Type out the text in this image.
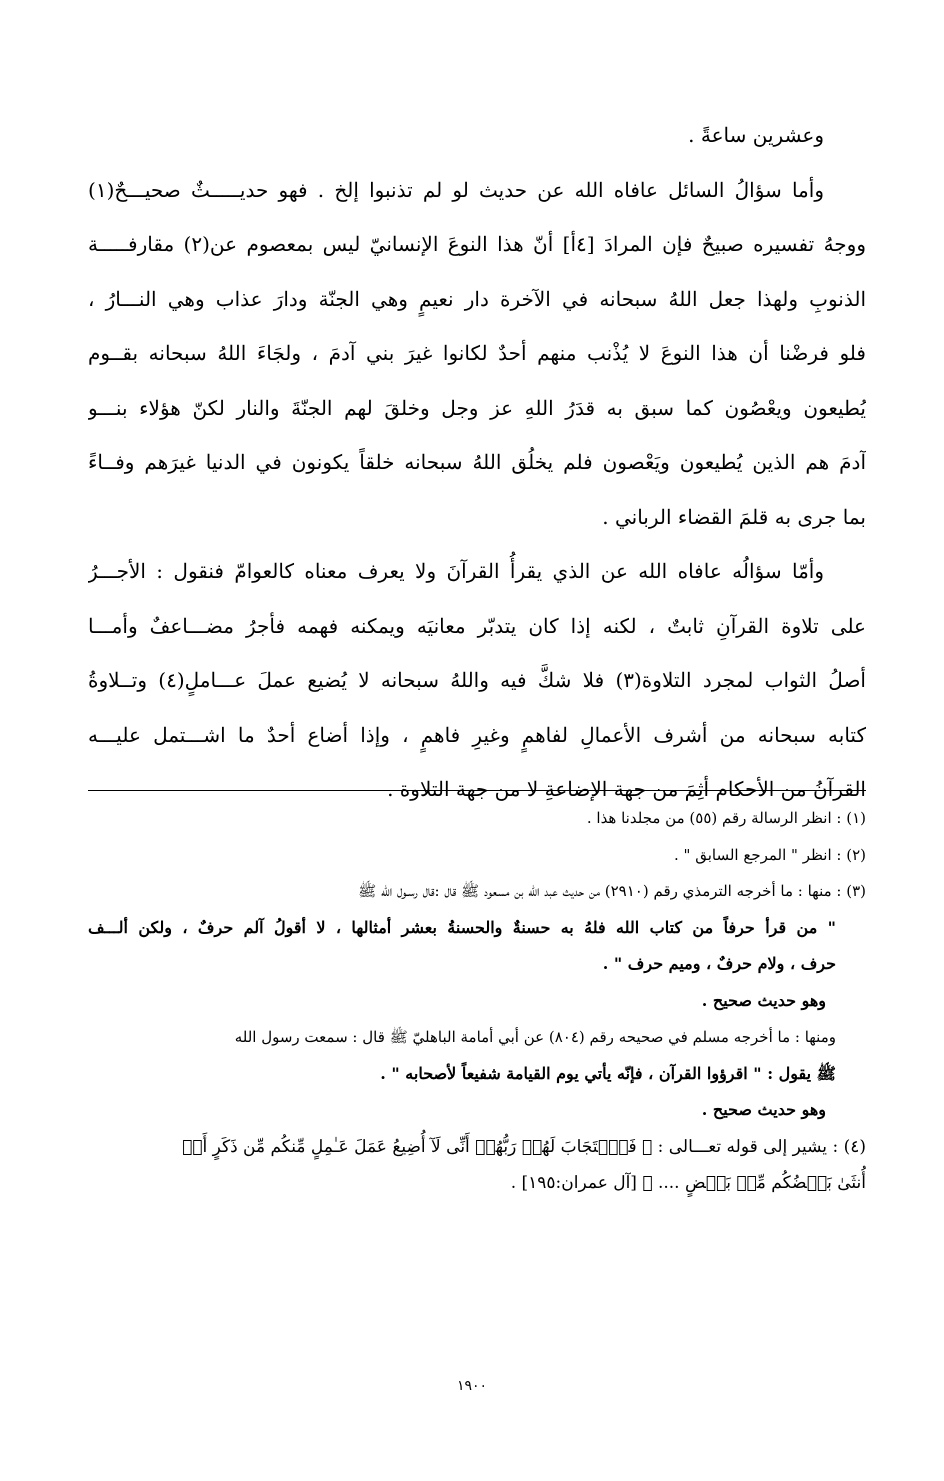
وعشرين ساعةً .
وأما سؤالُ السائل عافاه الله عن حديث لو لم تذنبوا إلخ . فهو حديـــــثٌ صحيـــحٌ(١)
ووجهُ تفسيره صبيحٌ فإن المرادَ [٤أ] أنّ هذا النوعَ الإنسانيّ ليس بمعصوم عن(٢) مقارفـــــة
الذنوبِ ولهذا جعل اللهُ سبحانه في الآخرة دار نعيمٍ وهي الجنّة ودارَ عذاب وهي النـــارُ ،
فلو فرضْنا أن هذا النوعَ لا يُذْنب منهم أحدٌ لكانوا غيرَ بني آدمَ ، ولجَاءَ اللهُ سبحانه بقــوم
يُطيعون ويعْصُون كما سبق به قدَرُ اللهِ عز وجل وخلقَ لهم الجنّةَ والنار لكنّ هؤلاء بنـــو
آدمَ هم الذين يُطيعون ويَعْصون فلم يخلُق اللهُ سبحانه خلقاً يكونون في الدنيا غيرَهم وفــاءً
بما جرى به قلمَ القضاء الرباني .
وأمّا سؤالُه عافاه الله عن الذي يقرأُ القرآنَ ولا يعرف معناه كالعوامّ فنقول : الأجـــرُ
على تلاوة القرآنِ ثابتٌ ، لكنه إذا كان يتدبّر معانيَه ويمكنه فهمه فأجرُ مضـــاعفٌ وأمـــا
أصلُ الثواب لمجرد التلاوة(٣) فلا شكَّ فيه واللهُ سبحانه لا يُضيع عملَ عـــاملٍ(٤) وتــلاوةُ
كتابه سبحانه من أشرف الأعمالِ لفاهمٍ وغيرِ فاهمٍ ، وإذا أضاع أحدٌ ما اشـــتمل عليـــه
القرآنُ من الأحكام أثِمَ من جهة الإضاعةِ لا من جهة التلاوة .
(١) : انظر الرسالة رقم (٥٥) من مجلدنا هذا .
(٢) : انظر " المرجع السابق " .
(٣) : منها : ما أخرجه الترمذي رقم (٢٩١٠) من حديث عبد الله بن مسعود ﷺ قال :قال رسـول الله ﷺ
" من قرأ حرفاً من كتاب الله فلهُ به حسنةٌ والحسنةُ بعشر أمثالها ، لا أقولُ آلم حرفٌ ، ولكن ألـــف
حرف ، ولام حرفٌ ، وميم حرف " .
وهو حديث صحيح .
ومنها : ما أخرجه مسلم في صحيحه رقم (٨٠٤) عن أبي أمامة الباهليّ ﷺ قال : سمعت رسول الله
ﷺ يقول : " اقرؤوا القرآن ، فإنّه يأتي يوم القيامة شفيعاً لأصحابه " .
وهو حديث صحيح .
(٤) : يشير إلى قوله تعـــالى : ﴿ فَٱسۡتَجَابَ لَهُمۡ رَبُّهُمۡ أَنِّى لَآ أُضِيعُ عَمَلَ عَـٰمِلٍ مِّنكُم مِّن ذَكَرٍ أَوۡ
أُنثَىٰ بَعۡضُكُم مِّنۢ بَعۡضٍ .... ﴾ [آل عمران:١٩٥] .
١٩٠٠
